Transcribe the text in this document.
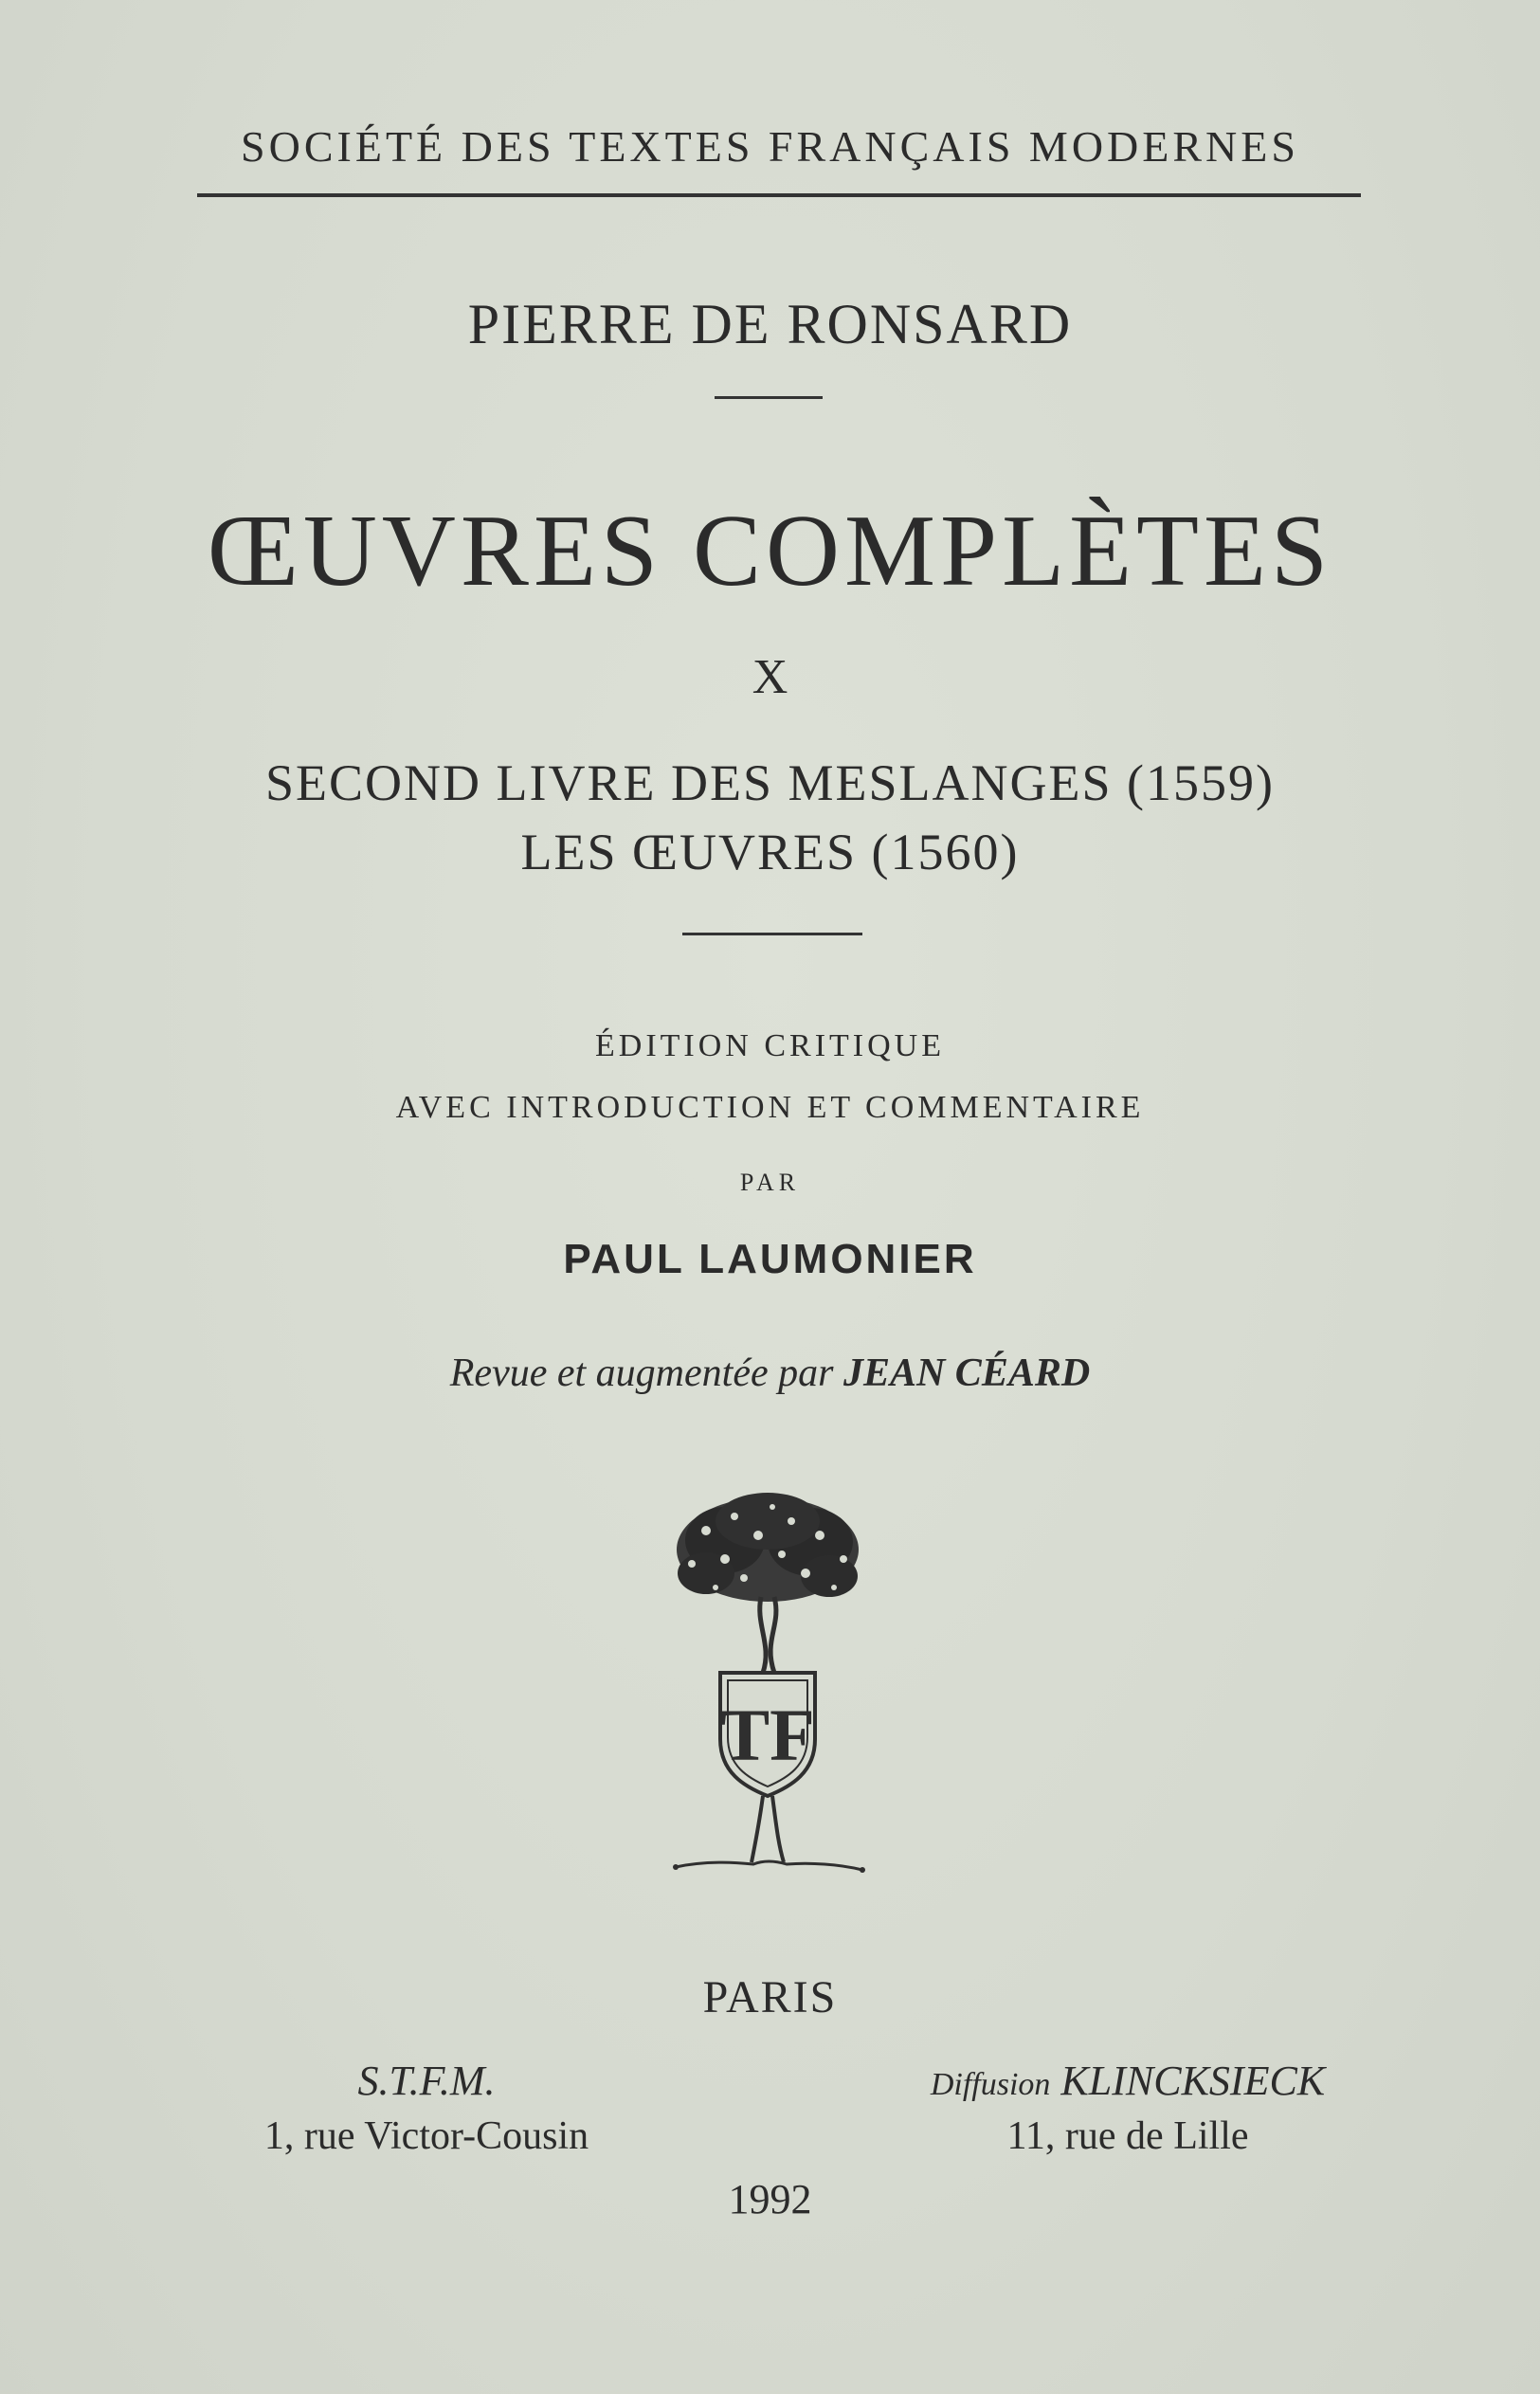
SOCIÉTÉ DES TEXTES FRANÇAIS MODERNES
PIERRE DE RONSARD
ŒUVRES COMPLÈTES
X
SECOND LIVRE DES MESLANGES (1559)
LES ŒUVRES (1560)
ÉDITION CRITIQUE
AVEC INTRODUCTION ET COMMENTAIRE
PAR
PAUL LAUMONIER
Revue et augmentée par JEAN CÉARD
TF
PARIS
S.T.F.M.
1, rue Victor-Cousin
Diffusion KLINCKSIECK
11, rue de Lille
1992
